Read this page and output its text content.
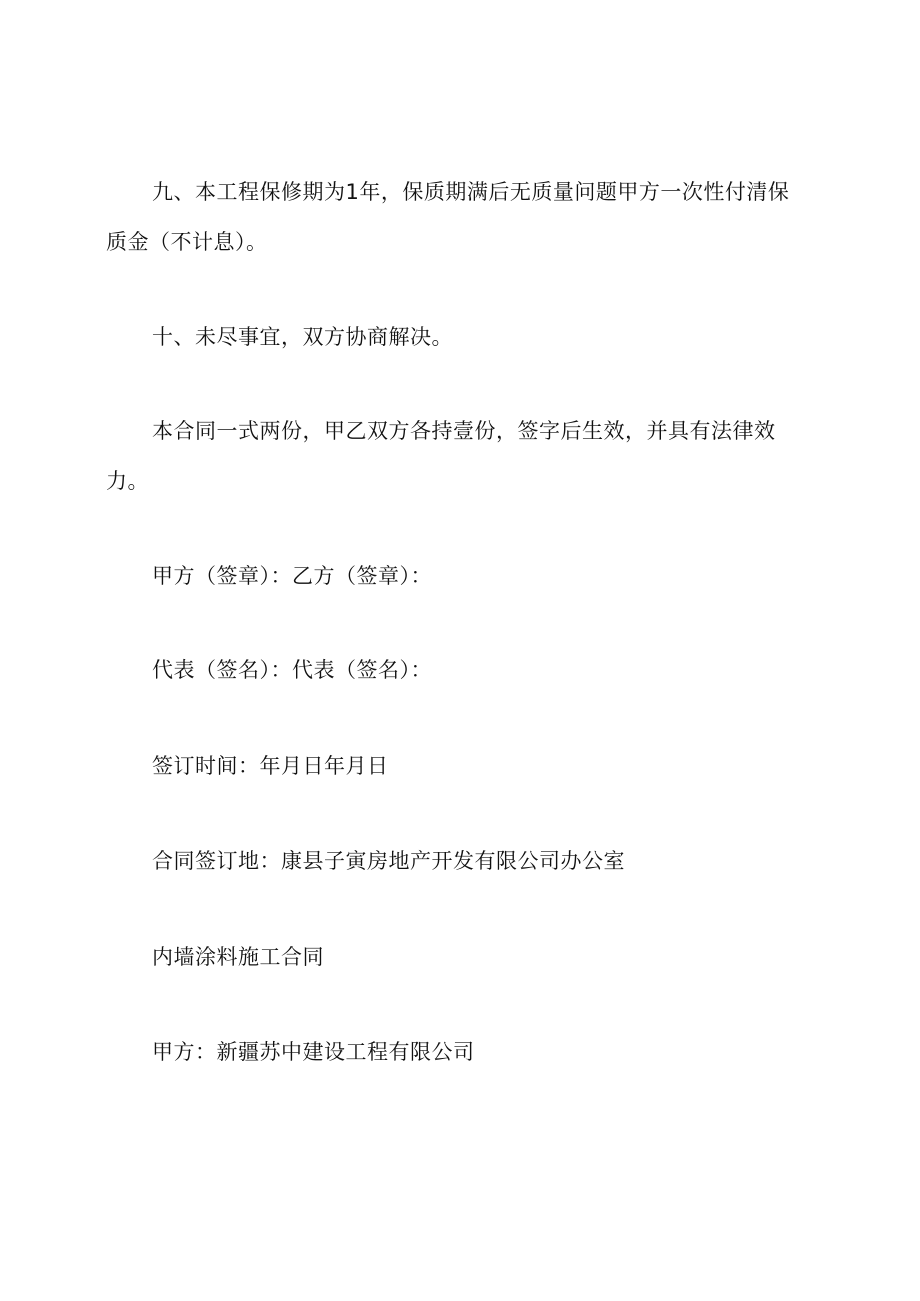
九、本工程保修期为1年，保质期满后无质量问题甲方一次性付清保质金（不计息）。

十、未尽事宜，双方协商解决。

本合同一式两份，甲乙双方各持壹份，签字后生效，并具有法律效力。

甲方（签章）：乙方（签章）：

代表（签名）：代表（签名）：

签订时间：年月日年月日

合同签订地：康县子寅房地产开发有限公司办公室

内墙涂料施工合同

甲方：新疆苏中建设工程有限公司
